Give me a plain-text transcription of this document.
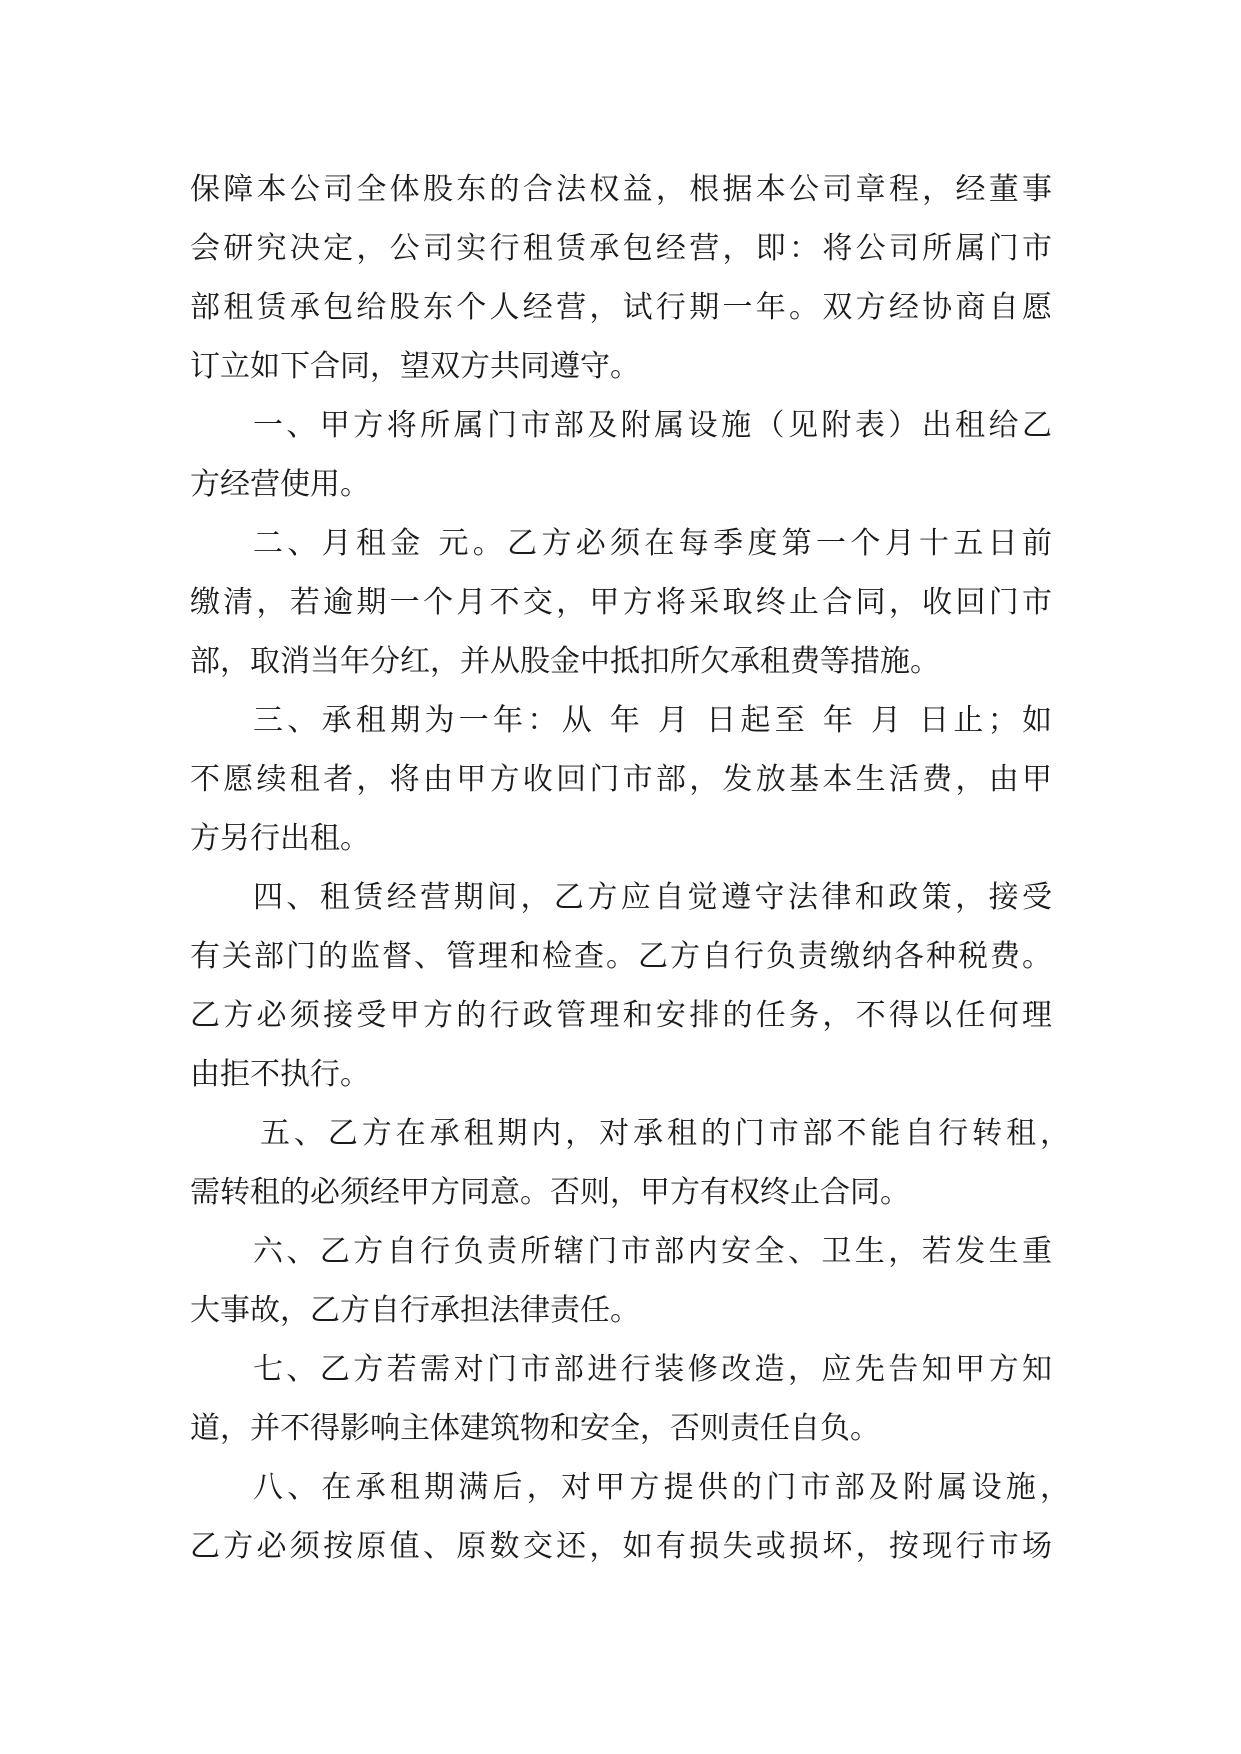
保障本公司全体股东的合法权益，根据本公司章程，经董事
会研究决定，公司实行租赁承包经营，即：将公司所属门市
部租赁承包给股东个人经营，试行期一年。双方经协商自愿
订立如下合同，望双方共同遵守。
一、甲方将所属门市部及附属设施（见附表）出租给乙
方经营使用。
二、月租金 元。乙方必须在每季度第一个月十五日前
缴清，若逾期一个月不交，甲方将采取终止合同，收回门市
部，取消当年分红，并从股金中抵扣所欠承租费等措施。
三、承租期为一年：从 年 月 日起至 年 月 日止；如
不愿续租者，将由甲方收回门市部，发放基本生活费，由甲
方另行出租。
四、租赁经营期间，乙方应自觉遵守法律和政策，接受
有关部门的监督、管理和检查。乙方自行负责缴纳各种税费。
乙方必须接受甲方的行政管理和安排的任务，不得以任何理
由拒不执行。
五、乙方在承租期内，对承租的门市部不能自行转租，
需转租的必须经甲方同意。否则，甲方有权终止合同。
六、乙方自行负责所辖门市部内安全、卫生，若发生重
大事故，乙方自行承担法律责任。
七、乙方若需对门市部进行装修改造，应先告知甲方知
道，并不得影响主体建筑物和安全，否则责任自负。
八、在承租期满后，对甲方提供的门市部及附属设施，
乙方必须按原值、原数交还，如有损失或损坏，按现行市场
